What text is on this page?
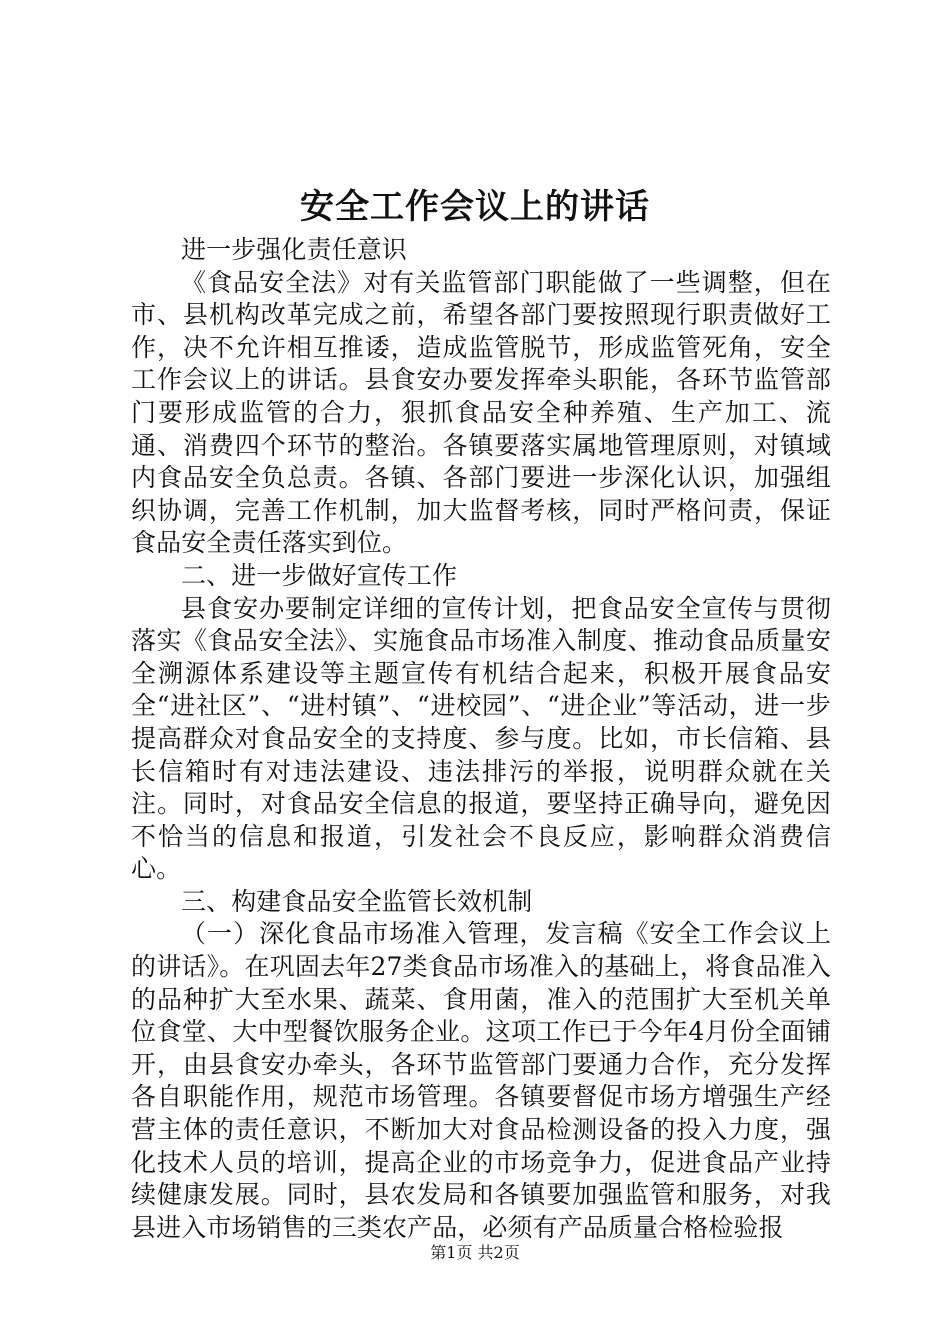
安全工作会议上的讲话

进一步强化责任意识

《食品安全法》对有关监管部门职能做了一些调整，但在市、县机构改革完成之前，希望各部门要按照现行职责做好工作，决不允许相互推诿，造成监管脱节，形成监管死角，安全工作会议上的讲话。县食安办要发挥牵头职能，各环节监管部门要形成监管的合力，狠抓食品安全种养殖、生产加工、流通、消费四个环节的整治。各镇要落实属地管理原则，对镇域内食品安全负总责。各镇、各部门要进一步深化认识，加强组织协调，完善工作机制，加大监督考核，同时严格问责，保证食品安全责任落实到位。

二、进一步做好宣传工作

县食安办要制定详细的宣传计划，把食品安全宣传与贯彻落实《食品安全法》、实施食品市场准入制度、推动食品质量安全溯源体系建设等主题宣传有机结合起来，积极开展食品安全“进社区”、“进村镇”、“进校园”、“进企业”等活动，进一步提高群众对食品安全的支持度、参与度。比如，市长信箱、县长信箱时有对违法建设、违法排污的举报，说明群众就在关注。同时，对食品安全信息的报道，要坚持正确导向，避免因不恰当的信息和报道，引发社会不良反应，影响群众消费信心。

三、构建食品安全监管长效机制

（一）深化食品市场准入管理，发言稿《安全工作会议上的讲话》。在巩固去年27类食品市场准入的基础上，将食品准入的品种扩大至水果、蔬菜、食用菌，准入的范围扩大至机关单位食堂、大中型餐饮服务企业。这项工作已于今年4月份全面铺开，由县食安办牵头，各环节监管部门要通力合作，充分发挥各自职能作用，规范市场管理。各镇要督促市场方增强生产经营主体的责任意识，不断加大对食品检测设备的投入力度，强化技术人员的培训，提高企业的市场竞争力，促进食品产业持续健康发展。同时，县农发局和各镇要加强监管和服务，对我县进入市场销售的三类农产品，必须有产品质量合格检验报

第1页 共2页
